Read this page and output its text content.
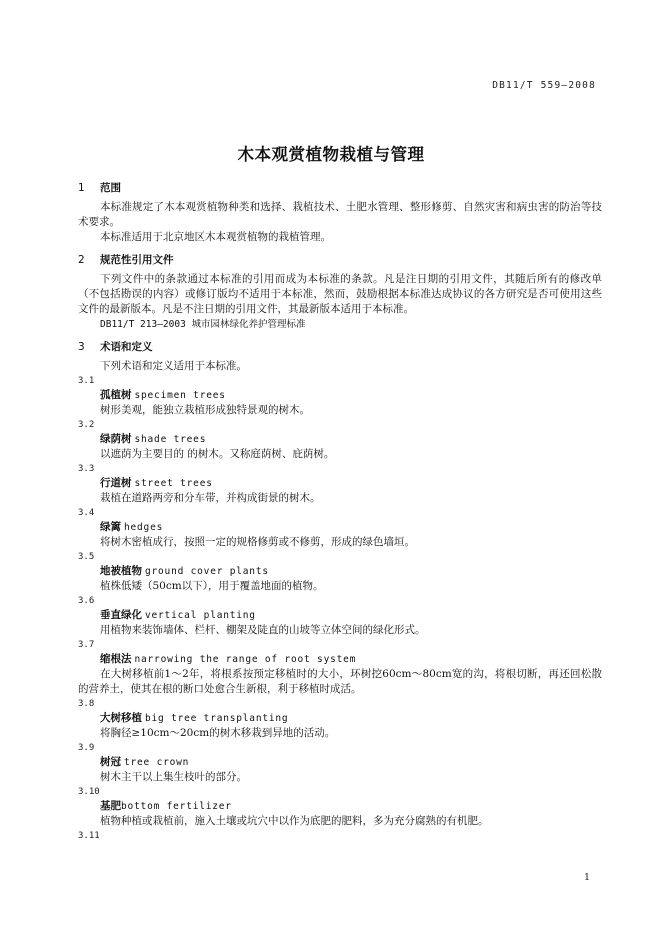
DB11/T 559—2008
木本观赏植物栽植与管理
1 范围

本标准规定了木本观赏植物种类和选择、栽植技术、土肥水管理、整形修剪、自然灾害和病虫害的防治等技术要求。

本标准适用于北京地区木本观赏植物的栽植管理。

2 规范性引用文件

下列文件中的条款通过本标准的引用而成为本标准的条款。凡是注日期的引用文件，其随后所有的修改单（不包括勘误的内容）或修订版均不适用于本标准，然而，鼓励根据本标准达成协议的各方研究是否可使用这些文件的最新版本。凡是不注日期的引用文件，其最新版本适用于本标准。

DB11/T 213—2003 城市园林绿化养护管理标准

3 术语和定义

下列术语和定义适用于本标准。

3.1

孤植树 specimen trees

树形美观，能独立栽植形成独特景观的树木。

3.2

绿荫树 shade trees

以遮荫为主要目的 的树木。又称庭荫树、庇荫树。

3.3

行道树 street trees

栽植在道路两旁和分车带，并构成街景的树木。

3.4

绿篱 hedges

将树木密植成行，按照一定的规格修剪或不修剪，形成的绿色墙垣。

3.5

地被植物 ground cover plants

植株低矮（50cm以下），用于覆盖地面的植物。

3.6

垂直绿化 vertical planting

用植物来装饰墙体、栏杆、棚架及陡直的山坡等立体空间的绿化形式。

3.7

缩根法 narrowing the range of root system

在大树移植前1～2年，将根系按预定移植时的大小，环树挖60cm～80cm宽的沟，将根切断，再还回松散的营养土，使其在根的断口处愈合生新根，利于移植时成活。

3.8

大树移植 big tree transplanting

将胸径≥10cm～20cm的树木移栽到异地的活动。

3.9

树冠 tree crown

树木主干以上集生枝叶的部分。

3.10

基肥bottom fertilizer

植物种植或栽植前，施入土壤或坑穴中以作为底肥的肥料，多为充分腐熟的有机肥。

3.11

1
